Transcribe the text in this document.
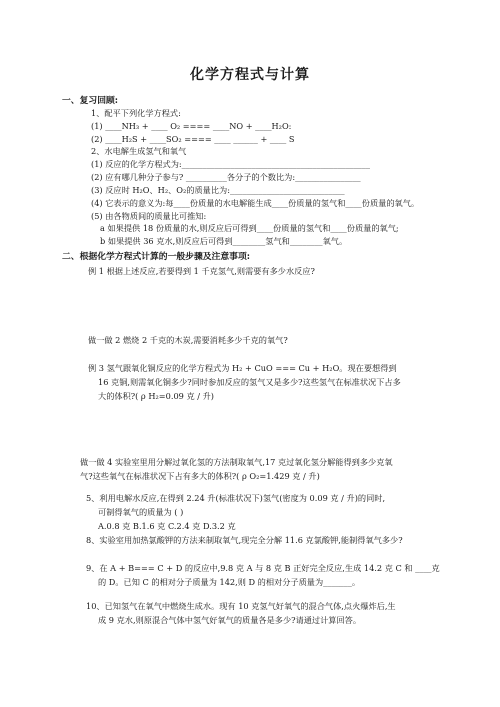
化学方程式与计算
一、复习回顾:
1、配平下列化学方程式:
(1) ____NH₃ + ____ O₂ ==== ____NO + ____H₂O:
(2) ____H₂S + ____SO₂ ==== ____ ______ + ____ S
2、水电解生成氢气和氧气
(1) 反应的化学方程式为:______________________________________________
(2) 应有哪几种分子参与? __________各分子的个数比为:________________
(3) 反应时 H₂O、H₂、O₂的质量比为:____________________________
(4) 它表示的意义为:每____份质量的水电解能生成____份质量的氢气和____份质量的氧气。
(5) 由各物质间的质量比可推知:
a 如果提供 18 份质量的水,则反应后可得到____份质量的氢气和____份质量的氧气;
b 如果提供 36 克水,则反应后可得到________氢气和________氧气。
二、根据化学方程式计算的一般步骤及注意事项:
例 1 根据上述反应,若要得到 1 千克氢气,则需要有多少水反应?
做一做 2 燃烧 2 千克的木炭,需要消耗多少千克的氧气?
例 3 氢气跟氧化铜反应的化学方程式为 H₂ + CuO === Cu + H₂O。现在要想得到
16 克铜,则需氧化铜多少?同时参加反应的氢气又是多少?这些氢气在标准状况下占多
大的体积?( ρ H₂=0.09 克 / 升)
做一做 4 实验室里用分解过氧化氢的方法制取氧气,17 克过氧化氢分解能得到多少克氧
气?这些氧气在标准状况下占有多大的体积?( ρ O₂=1.429 克 / 升)
5、利用电解水反应,在得到 2.24 升(标准状况下)氢气(密度为 0.09 克 / 升)的同时,
可制得氧气的质量为 ( )
A.0.8 克 B.1.6 克 C.2.4 克 D.3.2 克
8、实验室用加热氯酸钾的方法来制取氧气,现完全分解 11.6 克氯酸钾,能制得氧气多少?
9、在 A + B=== C + D 的反应中,9.8 克 A 与 8 克 B 正好完全反应,生成 14.2 克 C 和 ____克
的 D。已知 C 的相对分子质量为 142,则 D 的相对分子质量为_______。
10、已知氢气在氧气中燃烧生成水。现有 10 克氢气好氧气的混合气体,点火爆炸后,生
成 9 克水,则原混合气体中氢气好氧气的质量各是多少?请通过计算回答。
